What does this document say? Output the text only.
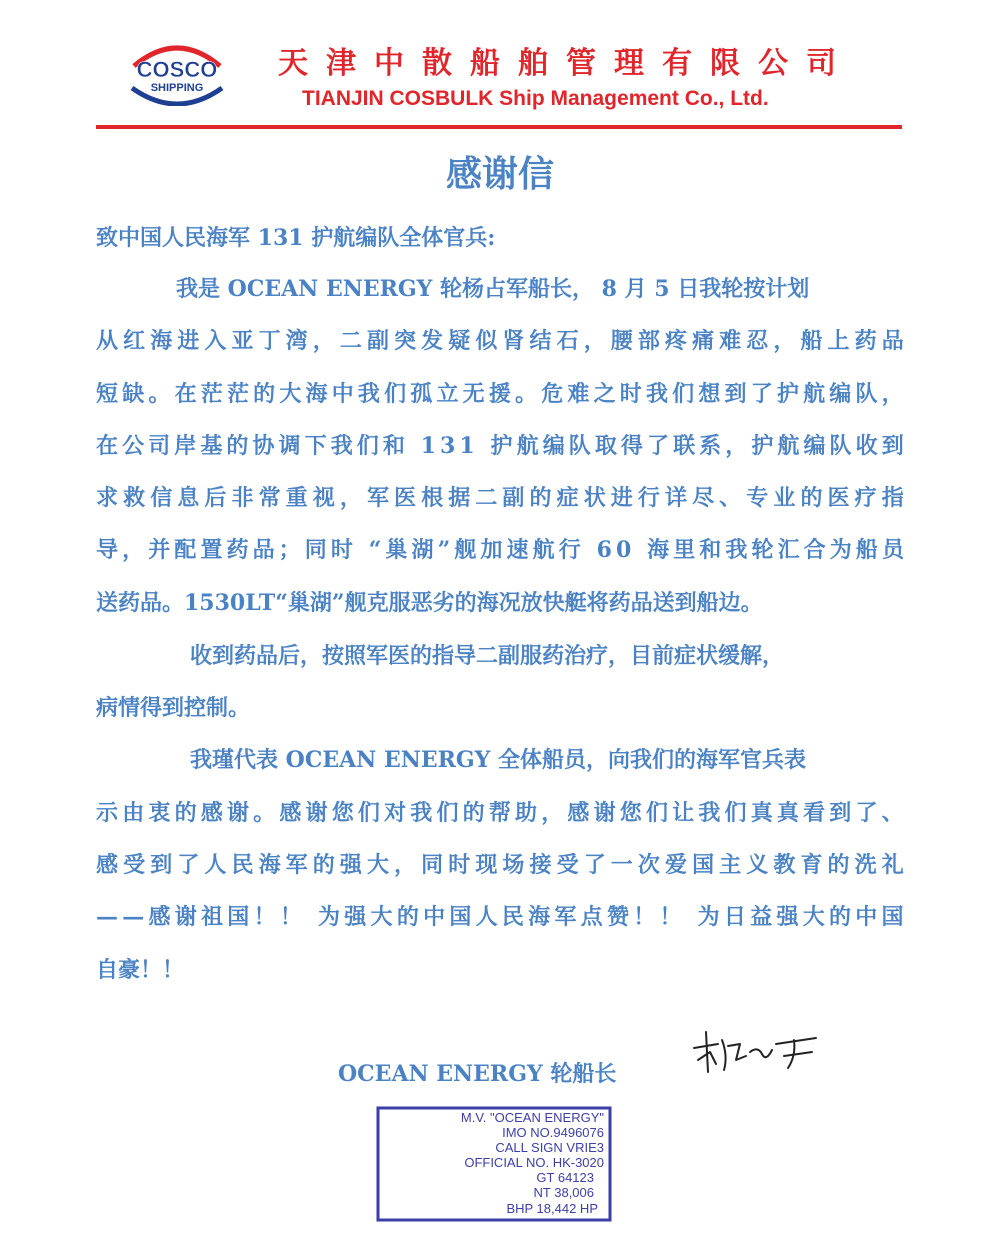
COSCO
SHIPPING
天津中散船舶管理有限公司
TIANJIN COSBULK Ship Management Co., Ltd.
感谢信
致中国人民海军 131 护航编队全体官兵:
我是 OCEAN ENERGY 轮杨占军船长， 8 月 5 日我轮按计划
从 红 海 进 入 亚 丁 湾 ， 二 副 突 发 疑 似 肾 结 石 ， 腰 部 疼 痛 难 忍 ， 船 上 药 品
短 缺 。 在 茫 茫 的 大 海 中 我 们 孤 立 无 援 。 危 难 之 时 我 们 想 到 了 护 航 编 队 ，
在 公 司 岸 基 的 协 调 下 我 们 和
1 3 1
护 航 编 队 取 得 了 联 系 ， 护 航 编 队 收 到
求 救 信 息 后 非 常 重 视 ， 军 医 根 据 二 副 的 症 状 进 行 详 尽 、 专 业 的 医 疗 指
导 ， 并 配 置 药 品 ； 同 时
“ 巢 湖 ” 舰 加 速 航 行
6 0
海 里 和 我 轮 汇 合 为 船 员
送药品。1530LT“巢湖”舰克服恶劣的海况放快艇将药品送到船边。
收到药品后，按照军医的指导二副服药治疗，目前症状缓解，
病情得到控制。
我瑾代表 OCEAN ENERGY 全体船员，向我们的海军官兵表
示 由 衷 的 感 谢 。 感 谢 您 们 对 我 们 的 帮 助 ， 感 谢 您 们 让 我 们 真 真 看 到 了 、
感 受 到 了 人 民 海 军 的 强 大 ， 同 时 现 场 接 受 了 一 次 爱 国 主 义 教 育 的 洗 礼
— — 感 谢 祖 国 ！ ！
为 强 大 的 中 国 人 民 海 军 点 赞 ！ ！
为 日 益 强 大 的 中 国
自豪！！
OCEAN ENERGY 轮船长
M.V. "OCEAN ENERGY"
IMO NO.9496076
CALL SIGN VRIE3
OFFICIAL NO. HK-3020
GT 64123
NT 38,006
BHP 18,442 HP
